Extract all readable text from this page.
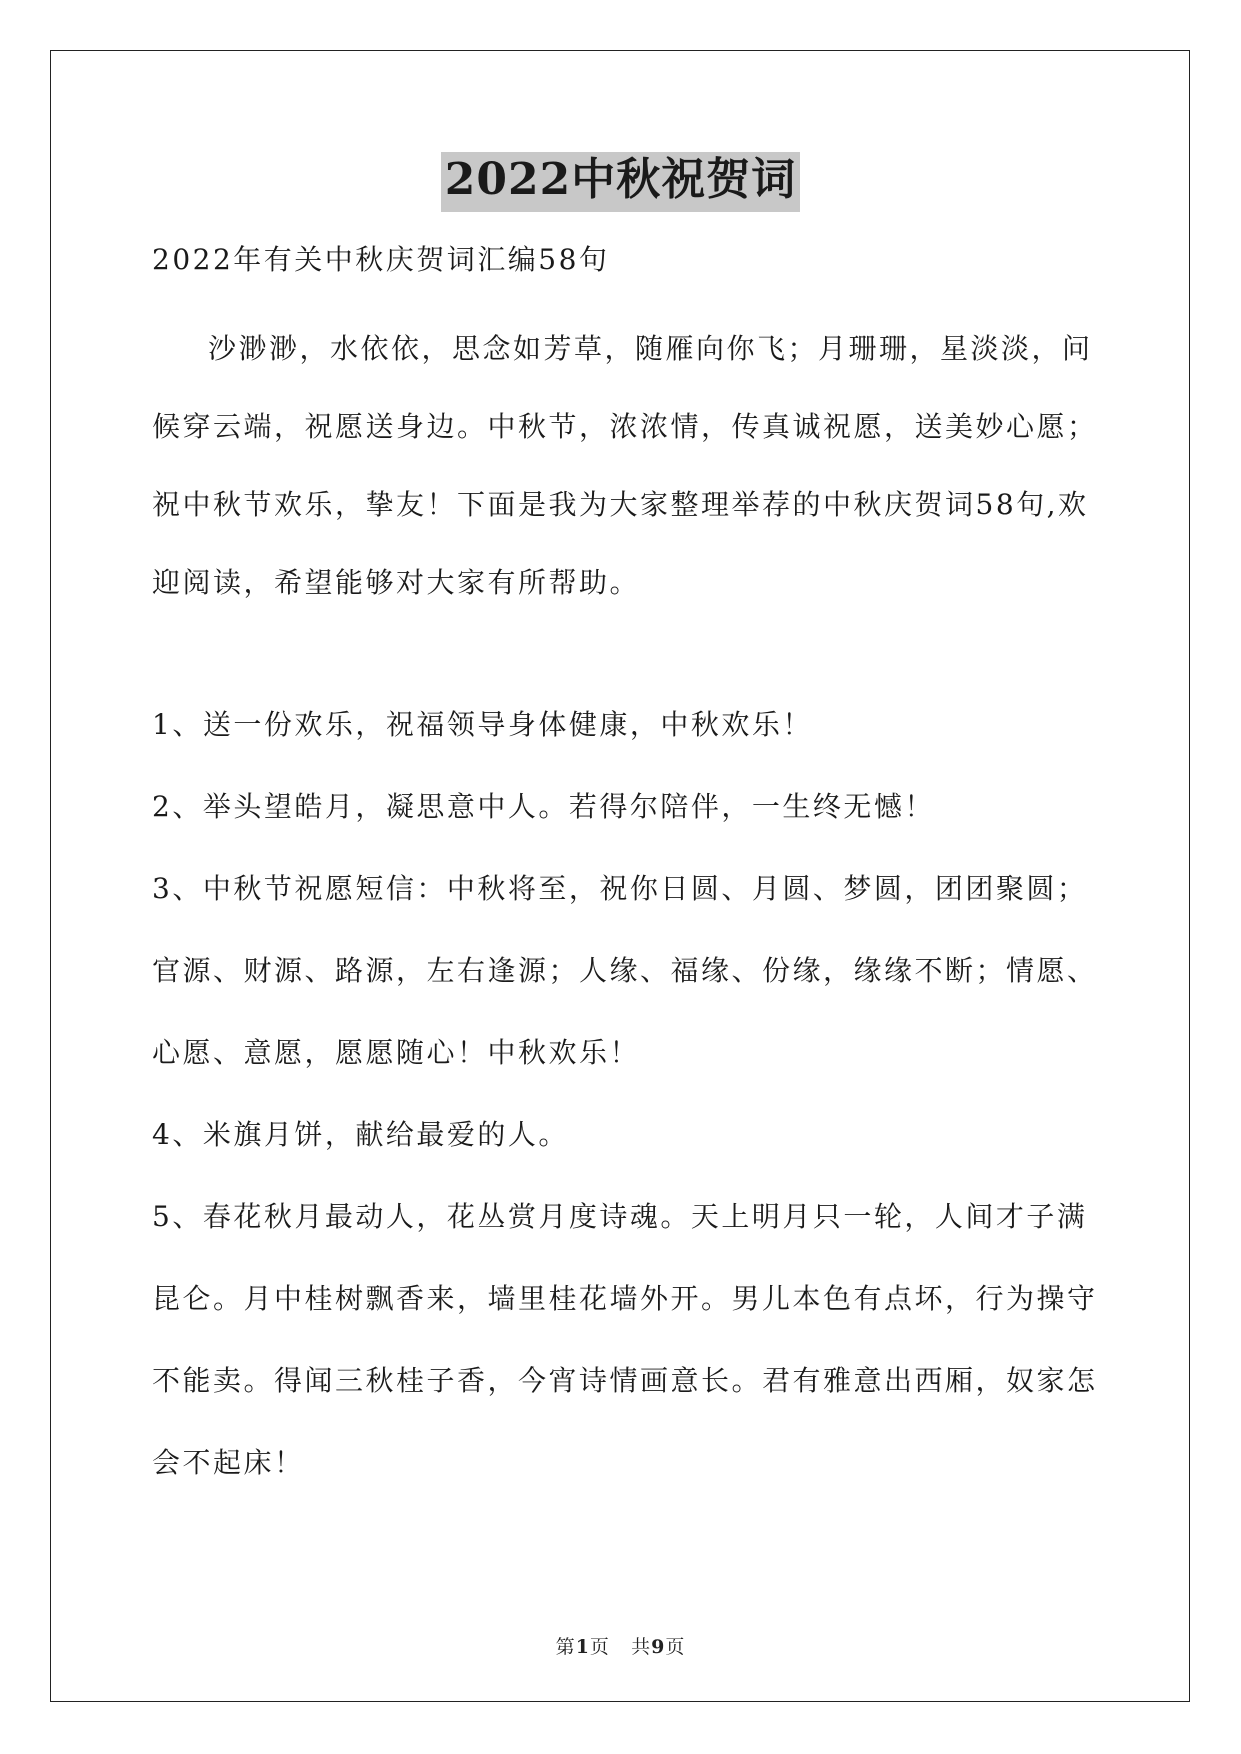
2022中秋祝贺词

2022年有关中秋庆贺词汇编58句

沙渺渺，水依依，思念如芳草，随雁向你飞；月珊珊，星淡淡，问候穿云端，祝愿送身边。中秋节，浓浓情，传真诚祝愿，送美妙心愿；祝中秋节欢乐，挚友！下面是我为大家整理举荐的中秋庆贺词58句,欢迎阅读，希望能够对大家有所帮助。

1、送一份欢乐，祝福领导身体健康，中秋欢乐！

2、举头望皓月，凝思意中人。若得尔陪伴，一生终无憾！

3、中秋节祝愿短信：中秋将至，祝你日圆、月圆、梦圆，团团聚圆；官源、财源、路源，左右逢源；人缘、福缘、份缘，缘缘不断；情愿、心愿、意愿，愿愿随心！中秋欢乐！

4、米旗月饼，献给最爱的人。

5、春花秋月最动人，花丛赏月度诗魂。天上明月只一轮，人间才子满昆仑。月中桂树飘香来，墙里桂花墙外开。男儿本色有点坏，行为操守不能卖。得闻三秋桂子香，今宵诗情画意长。君有雅意出西厢，奴家怎会不起床！

第1页 共9页
